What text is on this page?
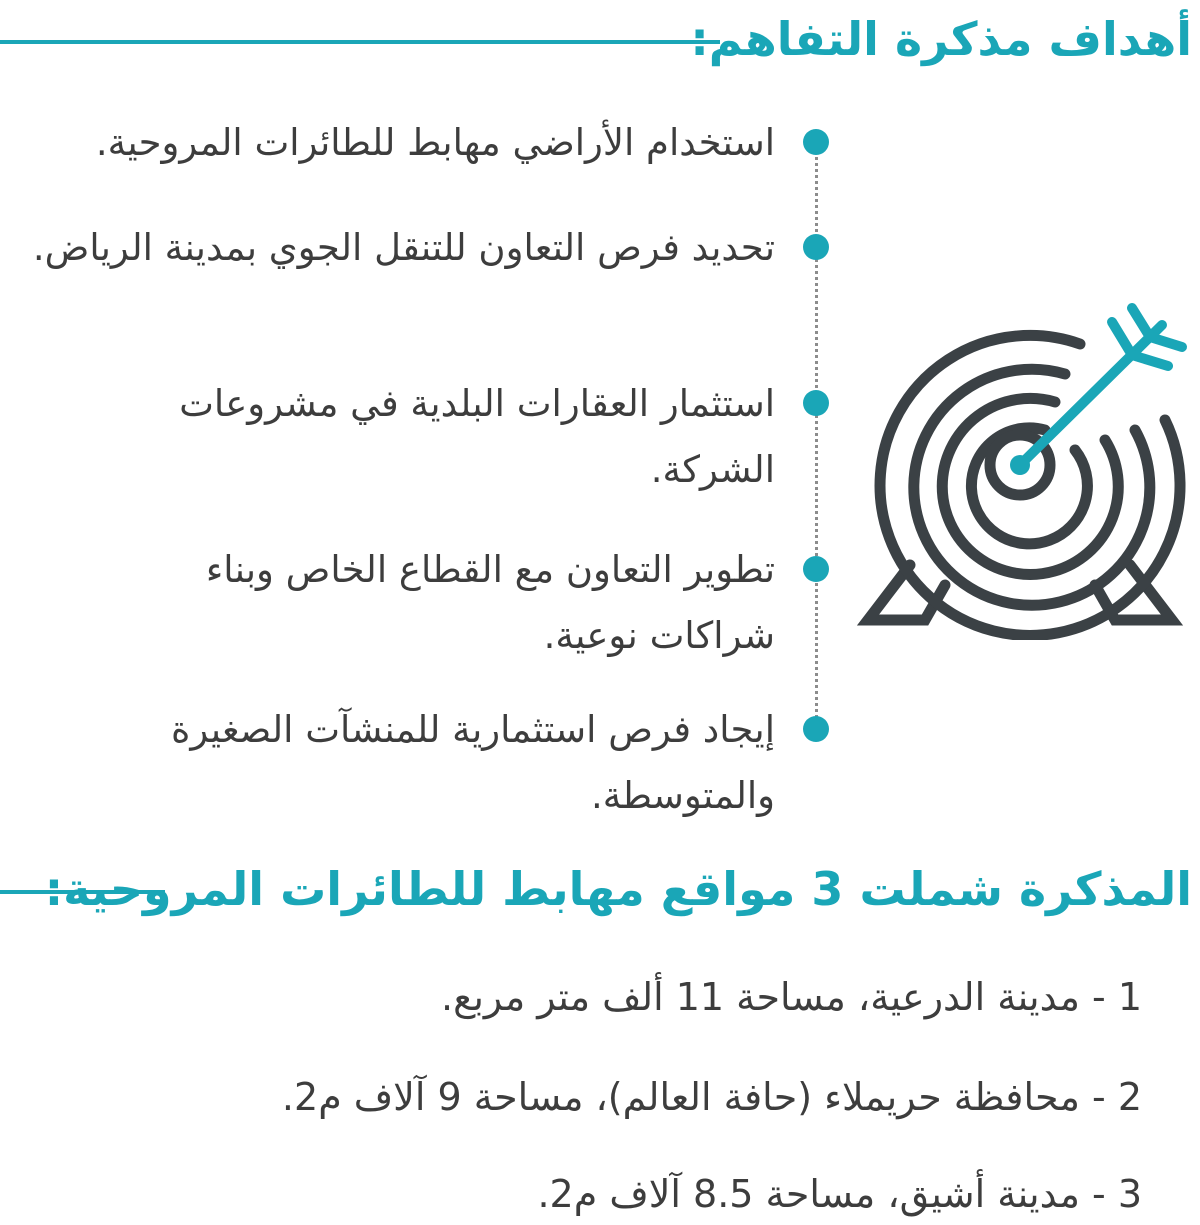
أهداف مذكرة التفاهم:
استخدام الأراضي مهابط للطائرات المروحية.
تحديد فرص التعاون للتنقل الجوي بمدينة الرياض.
استثمار العقارات البلدية في مشروعات الشركة.
تطوير التعاون مع القطاع الخاص وبناء شراكات نوعية.
إيجاد فرص استثمارية للمنشآت الصغيرة والمتوسطة.
المذكرة شملت 3 مواقع مهابط للطائرات المروحية:
1 - مدينة الدرعية، مساحة 11 ألف متر مربع.
2 - محافظة حريملاء (حافة العالم)، مساحة 9 آلاف م2.
3 - مدينة أشيق، مساحة 8.5 آلاف م2.
